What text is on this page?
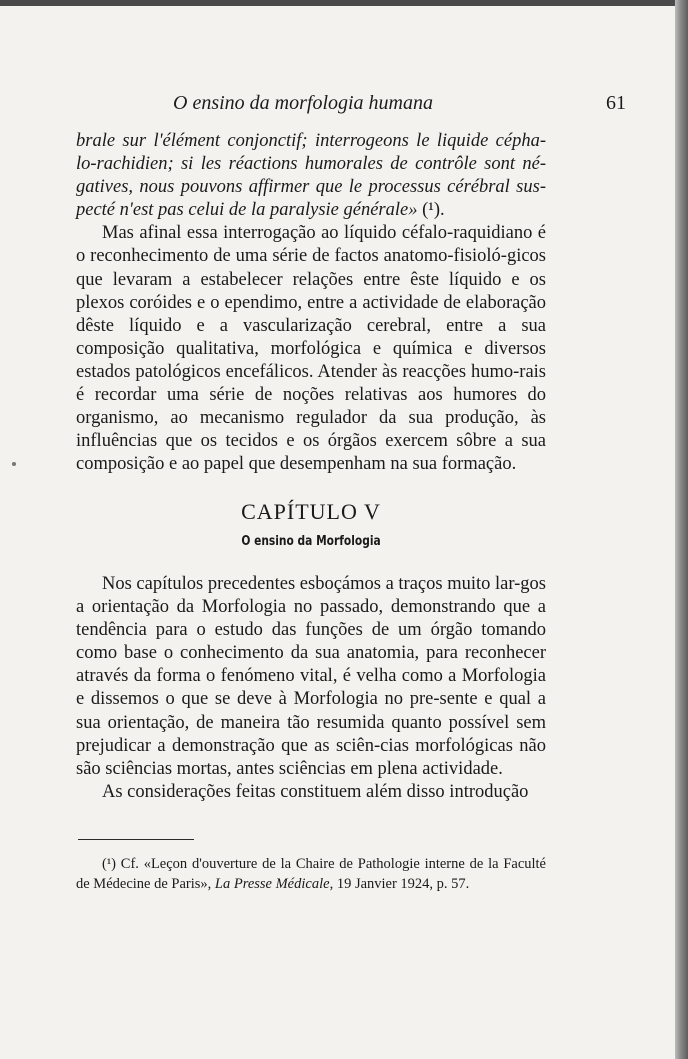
O ensino da morfologia humana	61

brale sur l'élément conjonctif; interrogeons le liquide cépha- lo-rachidien; si les réactions humorales de contrôle sont né- gatives, nous pouvons affirmer que le processus cérébral sus- pecté n'est pas celui de la paralysie générale» (¹).

Mas afinal essa interrogação ao líquido céfalo-raquidiano é o reconhecimento de uma série de factos anatomo-fisioló-gicos que levaram a estabelecer relações entre êste líquido e os plexos coróides e o ependimo, entre a actividade de elaboração dêste líquido e a vascularização cerebral, entre a sua composição qualitativa, morfológica e química e diversos estados patológicos encefálicos. Atender às reacções humo-rais é recordar uma série de noções relativas aos humores do organismo, ao mecanismo regulador da sua produção, às influências que os tecidos e os órgãos exercem sôbre a sua composição e ao papel que desempenham na sua formação.

CAPÍTULO V
O ensino da Morfologia

Nos capítulos precedentes esboçámos a traços muito lar-gos a orientação da Morfologia no passado, demonstrando que a tendência para o estudo das funções de um órgão tomando como base o conhecimento da sua anatomia, para reconhecer através da forma o fenómeno vital, é velha como a Morfologia e dissemos o que se deve à Morfologia no pre-sente e qual a sua orientação, de maneira tão resumida quanto possível sem prejudicar a demonstração que as sciên-cias morfológicas não são sciências mortas, antes sciências em plena actividade.

As considerações feitas constituem além disso introdução

(¹) Cf. «Leçon d'ouverture de la Chaire de Pathologie interne de la Faculté de Médecine de Paris», La Presse Médicale, 19 Janvier 1924, p. 57.
